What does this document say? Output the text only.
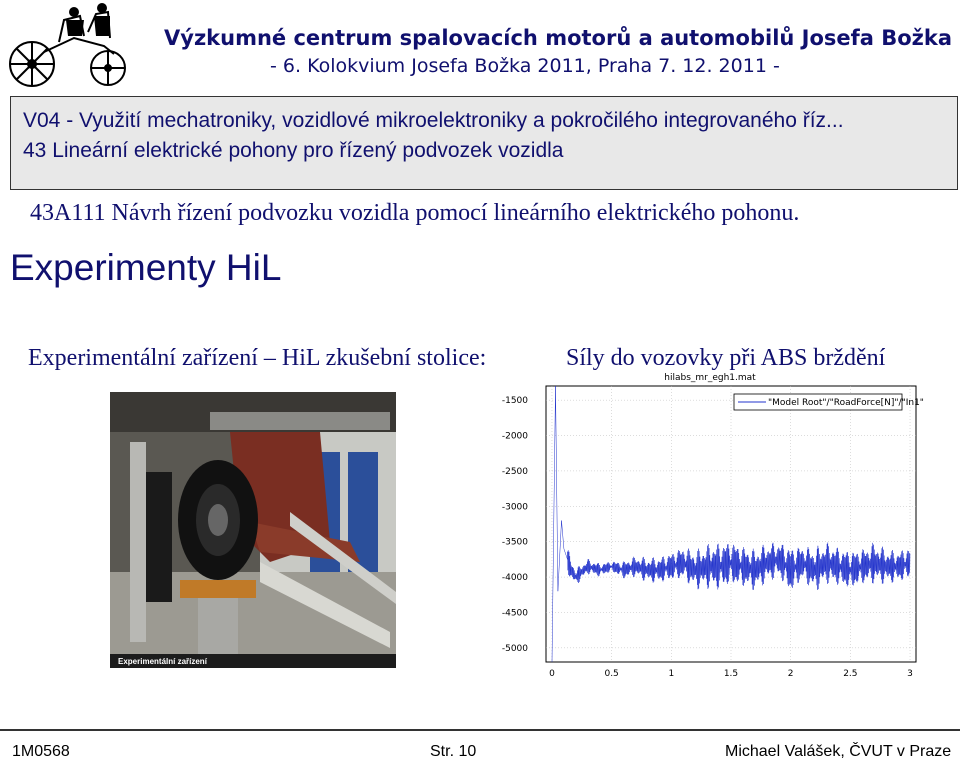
Výzkumné centrum spalovacích motorů a automobilů Josefa Božka
- 6. Kolokvium Josefa Božka 2011, Praha 7. 12. 2011 -
V04 - Využití mechatroniky, vozidlové mikroelektroniky a pokročilého integrovaného říz...
43 Lineární elektrické pohony pro řízený podvozek vozidla
43A111 Návrh řízení podvozku vozidla pomocí lineárního elektrického pohonu.
Experimenty HiL
Experimentální zařízení – HiL zkušební stolice:	Síly do vozovky při ABS brždění
Experimentální zařízení
hilabs_mr_egh1.mat
-1500
-2000
-2500
-3000
-3500
-4000
-4500
-5000
0	0.5	1	1.5	2	2.5	3
"Model Root"/"RoadForce[N]"/"In1"
1M0568	Str. 10	Michael Valášek, ČVUT v Praze
